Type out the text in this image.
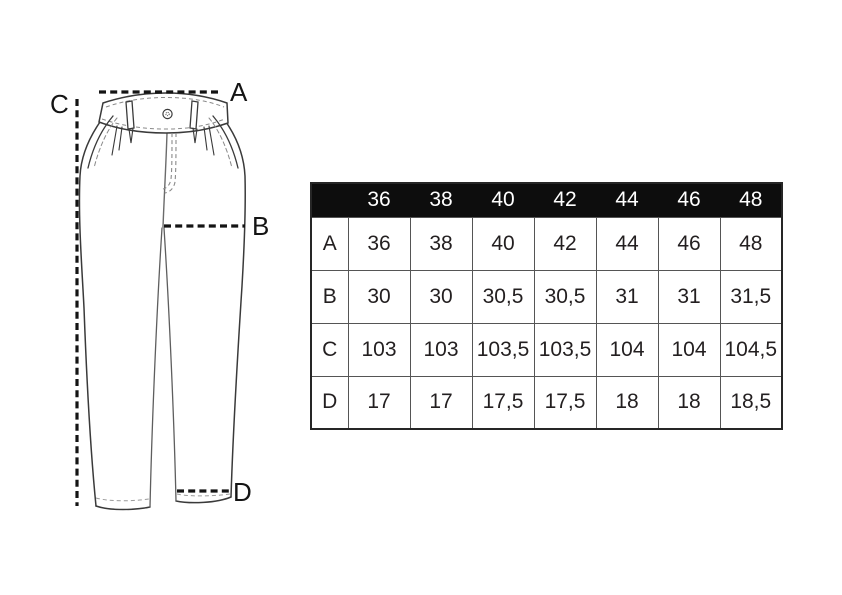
A
B
C
D
	36	38	40	42	44	46	48
A	36	38	40	42	44	46	48
B	30	30	30,5	30,5	31	31	31,5
C	103	103	103,5	103,5	104	104	104,5
D	17	17	17,5	17,5	18	18	18,5
